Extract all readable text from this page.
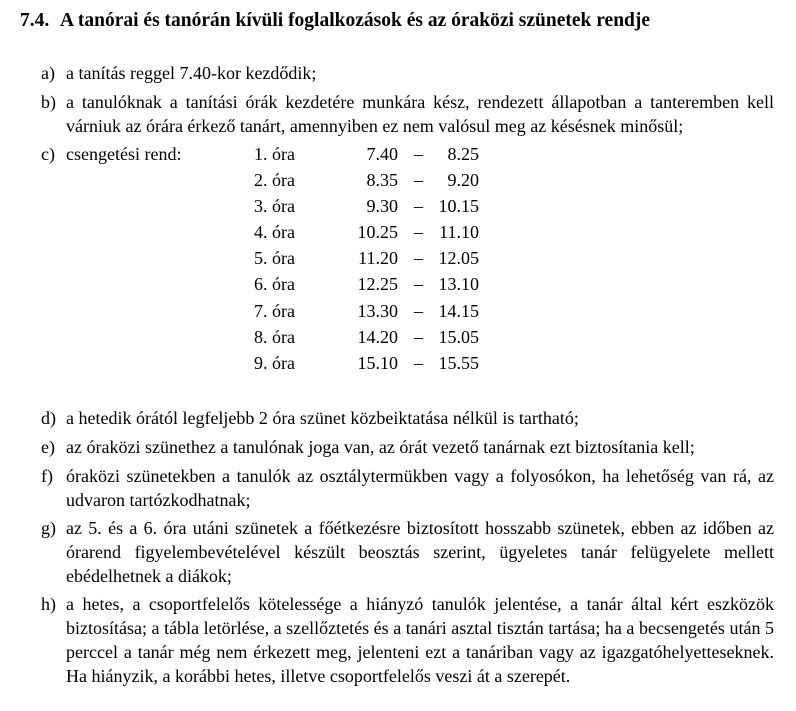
7.4. A tanórai és tanórán kívüli foglalkozások és az óraközi szünetek rendje
a) a tanítás reggel 7.40-kor kezdődik;
b) a tanulóknak a tanítási órák kezdetére munkára kész, rendezett állapotban a tanteremben kell várniuk az órára érkező tanárt, amennyiben ez nem valósul meg az késésnek minősül;
c) csengetési rend:	1. óra	7.40 – 8.25
2. óra	8.35 – 9.20
3. óra	9.30 – 10.15
4. óra	10.25 – 11.10
5. óra	11.20 – 12.05
6. óra	12.25 – 13.10
7. óra	13.30 – 14.15
8. óra	14.20 – 15.05
9. óra	15.10 – 15.55
d) a hetedik órától legfeljebb 2 óra szünet közbeiktatása nélkül is tartható;
e) az óraközi szünethez a tanulónak joga van, az órát vezető tanárnak ezt biztosítania kell;
f) óraközi szünetekben a tanulók az osztálytermükben vagy a folyosókon, ha lehetőség van rá, az udvaron tartózkodhatnak;
g) az 5. és a 6. óra utáni szünetek a főétkezésre biztosított hosszabb szünetek, ebben az időben az órarend figyelembevételével készült beosztás szerint, ügyeletes tanár felügyelete mellett ebédelhetnek a diákok;
h) a hetes, a csoportfelelős kötelessége a hiányzó tanulók jelentése, a tanár által kért eszközök biztosítása; a tábla letörlése, a szellőztetés és a tanári asztal tisztán tartása; ha a becsengetés után 5 perccel a tanár még nem érkezett meg, jelenteni ezt a tanáriban vagy az igazgatóhelyetteseknek. Ha hiányzik, a korábbi hetes, illetve csoportfelelős veszi át a szerepét.
